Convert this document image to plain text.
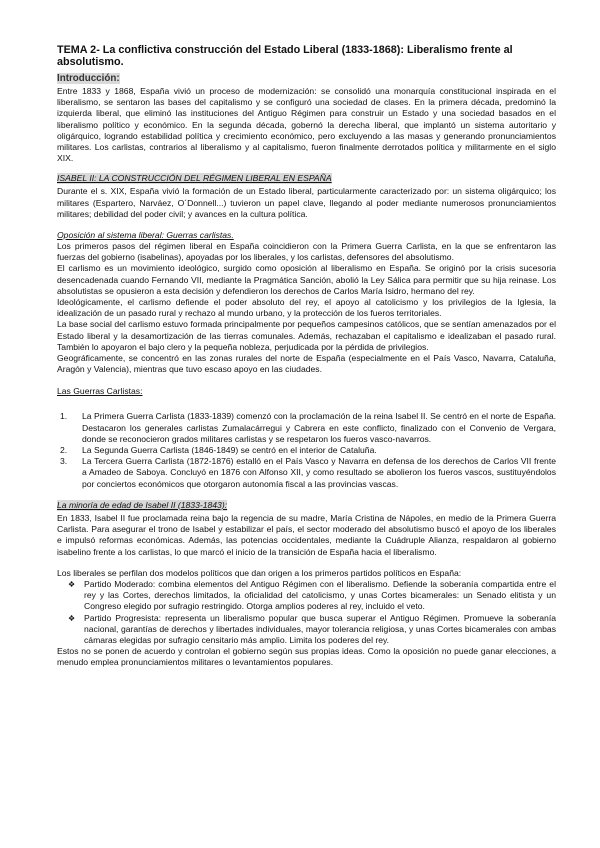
TEMA 2- La conflictiva construcción del Estado Liberal (1833-1868): Liberalismo frente al absolutismo.
Introducción:

Entre 1833 y 1868, España vivió un proceso de modernización: se consolidó una monarquía constitucional inspirada en el liberalismo, se sentaron las bases del capitalismo y se configuró una sociedad de clases. En la primera década, predominó la izquierda liberal, que eliminó las instituciones del Antiguo Régimen para construir un Estado y una sociedad basados en el liberalismo político y económico. En la segunda década, gobernó la derecha liberal, que implantó un sistema autoritario y oligárquico, logrando estabilidad política y crecimiento económico, pero excluyendo a las masas y generando pronunciamientos militares. Los carlistas, contrarios al liberalismo y al capitalismo, fueron finalmente derrotados política y militarmente en el siglo XIX.

ISABEL II: LA CONSTRUCCIÓN DEL RÉGIMEN LIBERAL EN ESPAÑA

Durante el s. XIX, España vivió la formación de un Estado liberal, particularmente caracterizado por: un sistema oligárquico; los militares (Espartero, Narváez, O´Donnell...) tuvieron un papel clave, llegando al poder mediante numerosos pronunciamientos militares; debilidad del poder civil; y avances en la cultura política.

Oposición al sistema liberal: Guerras carlistas.

Los primeros pasos del régimen liberal en España coincidieron con la Primera Guerra Carlista, en la que se enfrentaron las fuerzas del gobierno (isabelinas), apoyadas por los liberales, y los carlistas, defensores del absolutismo.

El carlismo es un movimiento ideológico, surgido como oposición al liberalismo en España. Se originó por la crisis sucesoria desencadenada cuando Fernando VII, mediante la Pragmática Sanción, abolió la Ley Sálica para permitir que su hija reinase. Los absolutistas se opusieron a esta decisión y defendieron los derechos de Carlos María Isidro, hermano del rey.

Ideológicamente, el carlismo defiende el poder absoluto del rey, el apoyo al catolicismo y los privilegios de la Iglesia, la idealización de un pasado rural y rechazo al mundo urbano, y la protección de los fueros territoriales.

La base social del carlismo estuvo formada principalmente por pequeños campesinos católicos, que se sentían amenazados por el Estado liberal y la desamortización de las tierras comunales. Además, rechazaban el capitalismo e idealizaban el pasado rural. También lo apoyaron el bajo clero y la pequeña nobleza, perjudicada por la pérdida de privilegios.

Geográficamente, se concentró en las zonas rurales del norte de España (especialmente en el País Vasco, Navarra, Cataluña, Aragón y Valencia), mientras que tuvo escaso apoyo en las ciudades.

Las Guerras Carlistas:
1. La Primera Guerra Carlista (1833-1839) comenzó con la proclamación de la reina Isabel II. Se centró en el norte de España. Destacaron los generales carlistas Zumalacárregui y Cabrera en este conflicto, finalizado con el Convenio de Vergara, donde se reconocieron grados militares carlistas y se respetaron los fueros vasco-navarros.
2. La Segunda Guerra Carlista (1846-1849) se centró en el interior de Cataluña.
3. La Tercera Guerra Carlista (1872-1876) estalló en el País Vasco y Navarra en defensa de los derechos de Carlos VII frente a Amadeo de Saboya. Concluyó en 1876 con Alfonso XII, y como resultado se abolieron los fueros vascos, sustituyéndolos por conciertos económicos que otorgaron autonomía fiscal a las provincias vascas.
La minoría de edad de Isabel II (1833-1843):

En 1833, Isabel II fue proclamada reina bajo la regencia de su madre, María Cristina de Nápoles, en medio de la Primera Guerra Carlista. Para asegurar el trono de Isabel y estabilizar el país, el sector moderado del absolutismo buscó el apoyo de los liberales e impulsó reformas económicas. Además, las potencias occidentales, mediante la Cuádruple Alianza, respaldaron al gobierno isabelino frente a los carlistas, lo que marcó el inicio de la transición de España hacia el liberalismo.

Los liberales se perfilan dos modelos políticos que dan origen a los primeros partidos políticos en España:

❖ Partido Moderado: combina elementos del Antiguo Régimen con el liberalismo. Defiende la soberanía compartida entre el rey y las Cortes, derechos limitados, la oficialidad del catolicismo, y unas Cortes bicamerales: un Senado elitista y un Congreso elegido por sufragio restringido. Otorga amplios poderes al rey, incluido el veto.
❖ Partido Progresista: representa un liberalismo popular que busca superar el Antiguo Régimen. Promueve la soberanía nacional, garantías de derechos y libertades individuales, mayor tolerancia religiosa, y unas Cortes bicamerales con ambas cámaras elegidas por sufragio censitario más amplio. Limita los poderes del rey.

Estos no se ponen de acuerdo y controlan el gobierno según sus propias ideas. Como la oposición no puede ganar elecciones, a menudo emplea pronunciamientos militares o levantamientos populares.
